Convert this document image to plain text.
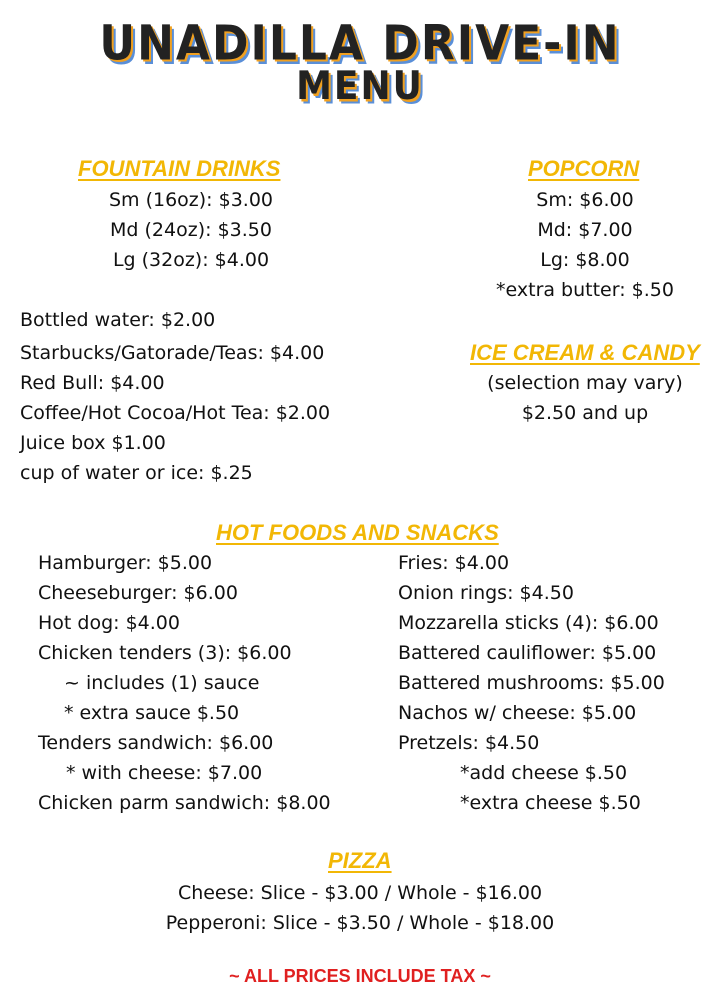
UNADILLA DRIVE-IN
MENU
FOUNTAIN DRINKS
Sm (16oz): $3.00
Md (24oz): $3.50
Lg (32oz): $4.00
POPCORN
Sm: $6.00
Md: $7.00
Lg: $8.00
*extra butter: $.50
Bottled water: $2.00
Starbucks/Gatorade/Teas: $4.00
Red Bull: $4.00
Coffee/Hot Cocoa/Hot Tea: $2.00
Juice box $1.00
cup of water or ice: $.25
ICE CREAM & CANDY
(selection may vary)
$2.50 and up
HOT FOODS AND SNACKS
Hamburger: $5.00
Cheeseburger: $6.00
Hot dog: $4.00
Chicken tenders (3): $6.00
~ includes (1) sauce
* extra sauce $.50
Tenders sandwich: $6.00
* with cheese: $7.00
Chicken parm sandwich: $8.00
Fries: $4.00
Onion rings: $4.50
Mozzarella sticks (4): $6.00
Battered cauliflower: $5.00
Battered mushrooms: $5.00
Nachos w/ cheese: $5.00
Pretzels: $4.50
*add cheese $.50
*extra cheese $.50
PIZZA
Cheese: Slice - $3.00 / Whole - $16.00
Pepperoni: Slice - $3.50 / Whole - $18.00
~ ALL PRICES INCLUDE TAX ~
